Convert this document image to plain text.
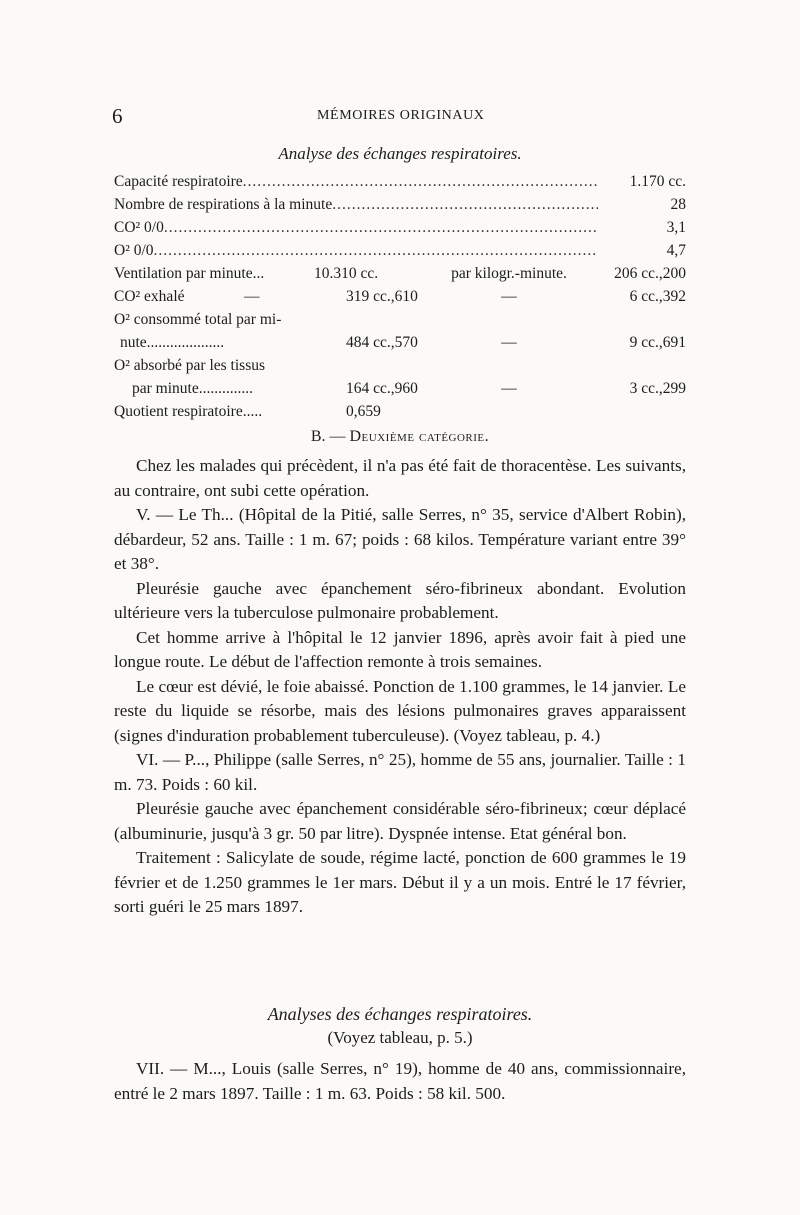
6	MÉMOIRES ORIGINAUX
Analyse des échanges respiratoires.
Capacité respiratoire .....	1.170 cc.
Nombre de respirations à la minute .....	28
CO² 0/0 .....	3,1
O² 0/0 .....	4,7
Ventilation par minute...	10.310 cc.	par kilogr.-minute.	206 cc.,200
CO² exhalé	—	319 cc.,610	—	6 cc.,392
O² consommé total par mi-
nute....................	484 cc.,570	—	9 cc.,691
O² absorbé par les tissus
par minute..............	164 cc.,960	—	3 cc.,299
Quotient respiratoire.....	0,659
B. — Deuxième catégorie.

Chez les malades qui précèdent, il n'a pas été fait de thoracentèse. Les suivants, au contraire, ont subi cette opération.

V. — Le Th... (Hôpital de la Pitié, salle Serres, n° 35, service d'Albert Robin), débardeur, 52 ans. Taille : 1 m. 67; poids : 68 kilos. Température variant entre 39° et 38°.

Pleurésie gauche avec épanchement séro-fibrineux abondant. Evolution ultérieure vers la tuberculose pulmonaire probablement.

Cet homme arrive à l'hôpital le 12 janvier 1896, après avoir fait à pied une longue route. Le début de l'affection remonte à trois semaines.

Le cœur est dévié, le foie abaissé. Ponction de 1.100 grammes, le 14 janvier. Le reste du liquide se résorbe, mais des lésions pulmonaires graves apparaissent (signes d'induration probablement tuberculeuse). (Voyez tableau, p. 4.)

VI. — P..., Philippe (salle Serres, n° 25), homme de 55 ans, journalier. Taille : 1 m. 73. Poids : 60 kil.

Pleurésie gauche avec épanchement considérable séro-fibrineux; cœur déplacé (albuminurie, jusqu'à 3 gr. 50 par litre). Dyspnée intense. Etat général bon.

Traitement : Salicylate de soude, régime lacté, ponction de 600 grammes le 19 février et de 1.250 grammes le 1er mars. Début il y a un mois. Entré le 17 février, sorti guéri le 25 mars 1897.

Analyses des échanges respiratoires.
(Voyez tableau, p. 5.)

VII. — M..., Louis (salle Serres, n° 19), homme de 40 ans, commissionnaire, entré le 2 mars 1897. Taille : 1 m. 63. Poids : 58 kil. 500.
